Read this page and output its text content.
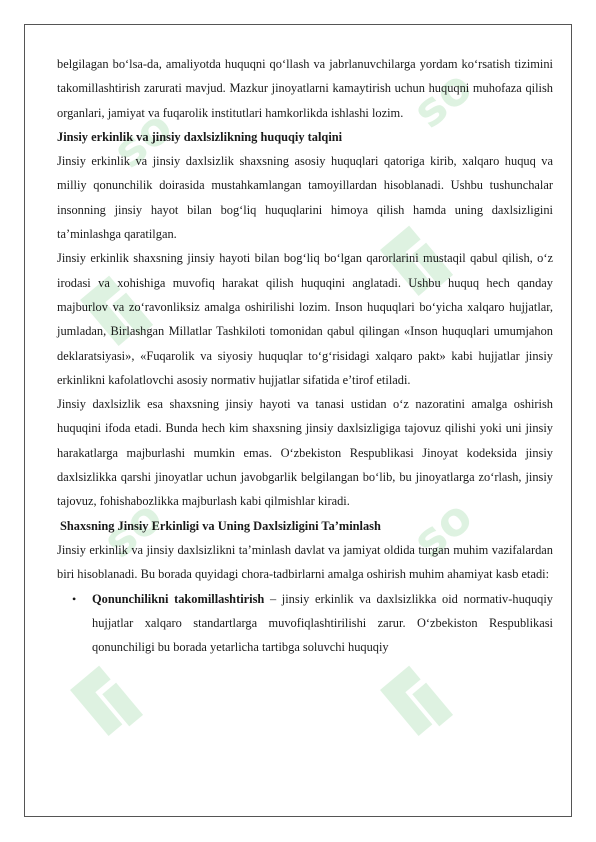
so
so
so	so

belgilagan bo‘lsa-da, amaliyotda huquqni qo‘llash va jabrlanuvchilarga yordam ko‘rsatish tizimini takomillashtirish zarurati mavjud. Mazkur jinoyatlarni kamaytirish uchun huquqni muhofaza qilish organlari, jamiyat va fuqarolik institutlari hamkorlikda ishlashi lozim.

Jinsiy erkinlik va jinsiy daxlsizlikning huquqiy talqini

Jinsiy erkinlik va jinsiy daxlsizlik shaxsning asosiy huquqlari qatoriga kirib, xalqaro huquq va milliy qonunchilik doirasida mustahkamlangan tamoyillardan hisoblanadi. Ushbu tushunchalar insonning jinsiy hayot bilan bog‘liq huquqlarini himoya qilish hamda uning daxlsizligini ta’minlashga qaratilgan.

Jinsiy erkinlik shaxsning jinsiy hayoti bilan bog‘liq bo‘lgan qarorlarini mustaqil qabul qilish, o‘z irodasi va xohishiga muvofiq harakat qilish huquqini anglatadi. Ushbu huquq hech qanday majburlov va zo‘ravonliksiz amalga oshirilishi lozim. Inson huquqlari bo‘yicha xalqaro hujjatlar, jumladan, Birlashgan Millatlar Tashkiloti tomonidan qabul qilingan «Inson huquqlari umumjahon deklaratsiyasi», «Fuqarolik va siyosiy huquqlar to‘g‘risidagi xalqaro pakt» kabi hujjatlar jinsiy erkinlikni kafolatlovchi asosiy normativ hujjatlar sifatida e’tirof etiladi.

Jinsiy daxlsizlik esa shaxsning jinsiy hayoti va tanasi ustidan o‘z nazoratini amalga oshirish huquqini ifoda etadi. Bunda hech kim shaxsning jinsiy daxlsizligiga tajovuz qilishi yoki uni jinsiy harakatlarga majburlashi mumkin emas. O‘zbekiston Respublikasi Jinoyat kodeksida jinsiy daxlsizlikka qarshi jinoyatlar uchun javobgarlik belgilangan bo‘lib, bu jinoyatlarga zo‘rlash, jinsiy tajovuz, fohishabozlikka majburlash kabi qilmishlar kiradi.

Shaxsning Jinsiy Erkinligi va Uning Daxlsizligini Ta’minlash

Jinsiy erkinlik va jinsiy daxlsizlikni ta’minlash davlat va jamiyat oldida turgan muhim vazifalardan biri hisoblanadi. Bu borada quyidagi chora-tadbirlarni amalga oshirish muhim ahamiyat kasb etadi:

• Qonunchilikni takomillashtirish – jinsiy erkinlik va daxlsizlikka oid normativ-huquqiy hujjatlar xalqaro standartlarga muvofiqlashtirilishi zarur. O‘zbekiston Respublikasi qonunchiligi bu borada yetarlicha tartibga soluvchi huquqiy
